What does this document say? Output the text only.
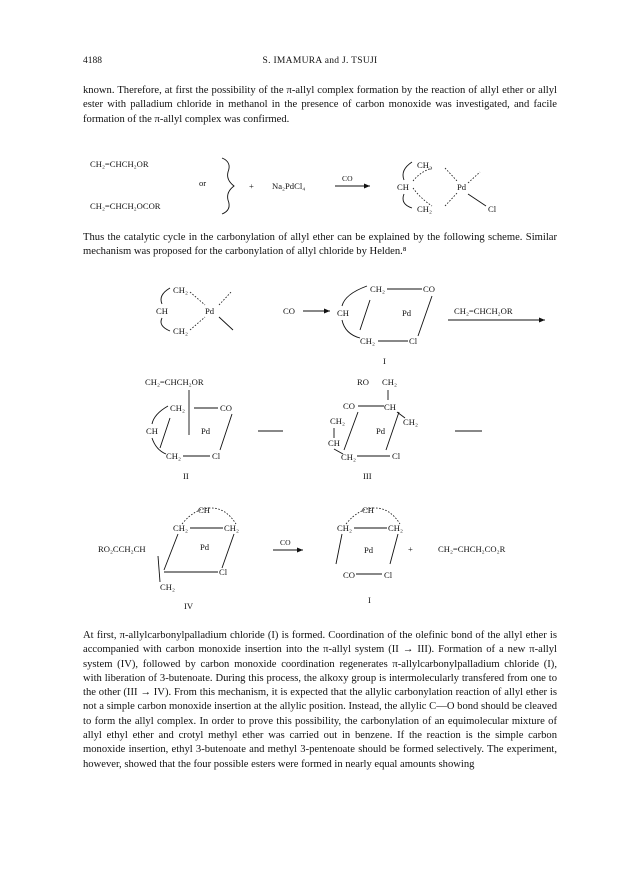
4188	S. IMAMURA and J. TSUJI
known. Therefore, at first the possibility of the π-allyl complex formation by the reaction of allyl ether or allyl ester with palladium chloride in methanol in the presence of carbon monoxide was investigated, and facile formation of the π-allyl complex was confirmed.
Thus the catalytic cycle in the carbonylation of allyl ether can be explained by the following scheme. Similar mechanism was proposed for the carbonylation of allyl chloride by Helden.⁸
At first, π-allylcarbonylpalladium chloride (I) is formed. Coordination of the olefinic bond of the allyl ether is accompanied with carbon monoxide insertion into the π-allyl system (II → III). Formation of a new π-allyl system (IV), followed by carbon monoxide coordination regenerates π-allylcarbonylpalladium chloride (I), with liberation of 3-butenoate. During this process, the alkoxy group is intermolecularly transfered from one to the other (III → IV). From this mechanism, it is expected that the allylic carbonylation reaction of allyl ether is not a simple carbon monoxide insertion at the allylic position. Instead, the allylic C—O bond should be cleaved to form the allyl complex. In order to prove this possibility, the carbonylation of an equimolecular mixture of allyl ethyl ether and crotyl methyl ether was carried out in benzene. If the reaction is the simple carbon monoxide insertion, ethyl 3-butenoate and methyl 3-pentenoate should be formed selectively. The experiment, however, showed that the four possible esters were formed in nearly equal amounts showing
CH₂=CHCH₂OR
or
CH₂=CHCH₂OCOR
+ Na₂PdCl₄
CO
CH₂
CH	Pd
CH₂	Cl
CH₂
CH	Pd
CH₂
CO
CH₂	CO
CH	Pd
CH₂	Cl
I
CH₂=CHCH₂OR
CH₂=CHCH₂OR
CH₂	CO
CH	Pd
CH₂	Cl
II
RO CH₂
CO	CH
CH₂
CH₂
CH
Pd
CH₂	Cl
III
CH
CH₂	CH₂
RO₂CCH₂CH	Pd
Cl
CH₂
IV
CO
CH
CH₂	CH₂
Pd
CO	Cl
I
+	CH₂=CHCH₂CO₂R
